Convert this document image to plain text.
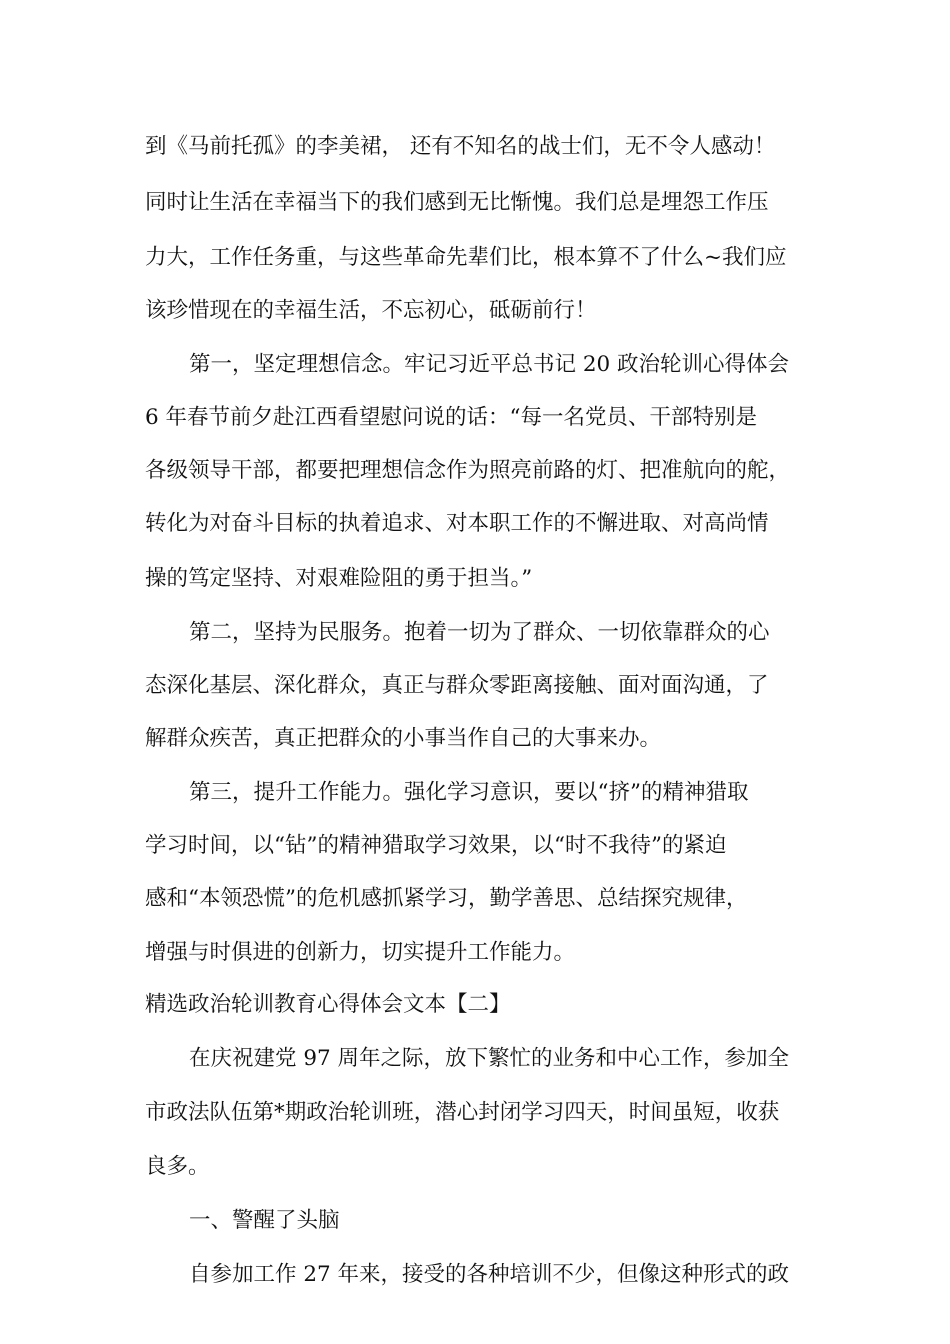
到《马前托孤》的李美裙， 还有不知名的战士们，无不令人感动！
同时让生活在幸福当下的我们感到无比惭愧。我们总是埋怨工作压
力大，工作任务重，与这些革命先辈们比，根本算不了什么~我们应
该珍惜现在的幸福生活，不忘初心，砥砺前行！
第一，坚定理想信念。牢记习近平总书记 20 政治轮训心得体会
6 年春节前夕赴江西看望慰问说的话：“每一名党员、干部特别是
各级领导干部，都要把理想信念作为照亮前路的灯、把准航向的舵，
转化为对奋斗目标的执着追求、对本职工作的不懈进取、对高尚情
操的笃定坚持、对艰难险阻的勇于担当。”
第二，坚持为民服务。抱着一切为了群众、一切依靠群众的心
态深化基层、深化群众，真正与群众零距离接触、面对面沟通，了
解群众疾苦，真正把群众的小事当作自己的大事来办。
第三，提升工作能力。强化学习意识，要以“挤”的精神猎取
学习时间，以“钻”的精神猎取学习效果，以“时不我待”的紧迫
感和“本领恐慌”的危机感抓紧学习，勤学善思、总结探究规律，
增强与时俱进的创新力，切实提升工作能力。
精选政治轮训教育心得体会文本【二】
在庆祝建党 97 周年之际，放下繁忙的业务和中心工作，参加全
市政法队伍第*期政治轮训班，潜心封闭学习四天，时间虽短，收获
良多。
一、警醒了头脑
自参加工作 27 年来，接受的各种培训不少，但像这种形式的政
